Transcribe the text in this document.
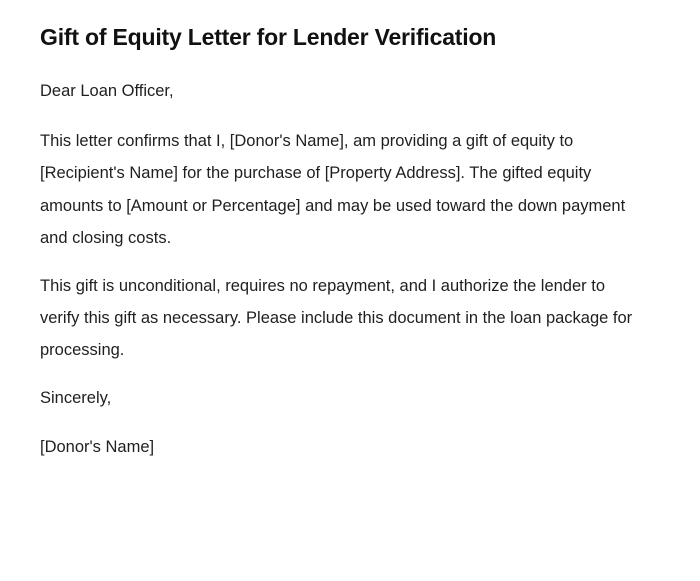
Gift of Equity Letter for Lender Verification

Dear Loan Officer,

This letter confirms that I, [Donor's Name], am providing a gift of equity to [Recipient's Name] for the purchase of [Property Address]. The gifted equity amounts to [Amount or Percentage] and may be used toward the down payment and closing costs.

This gift is unconditional, requires no repayment, and I authorize the lender to verify this gift as necessary. Please include this document in the loan package for processing.

Sincerely,

[Donor's Name]
